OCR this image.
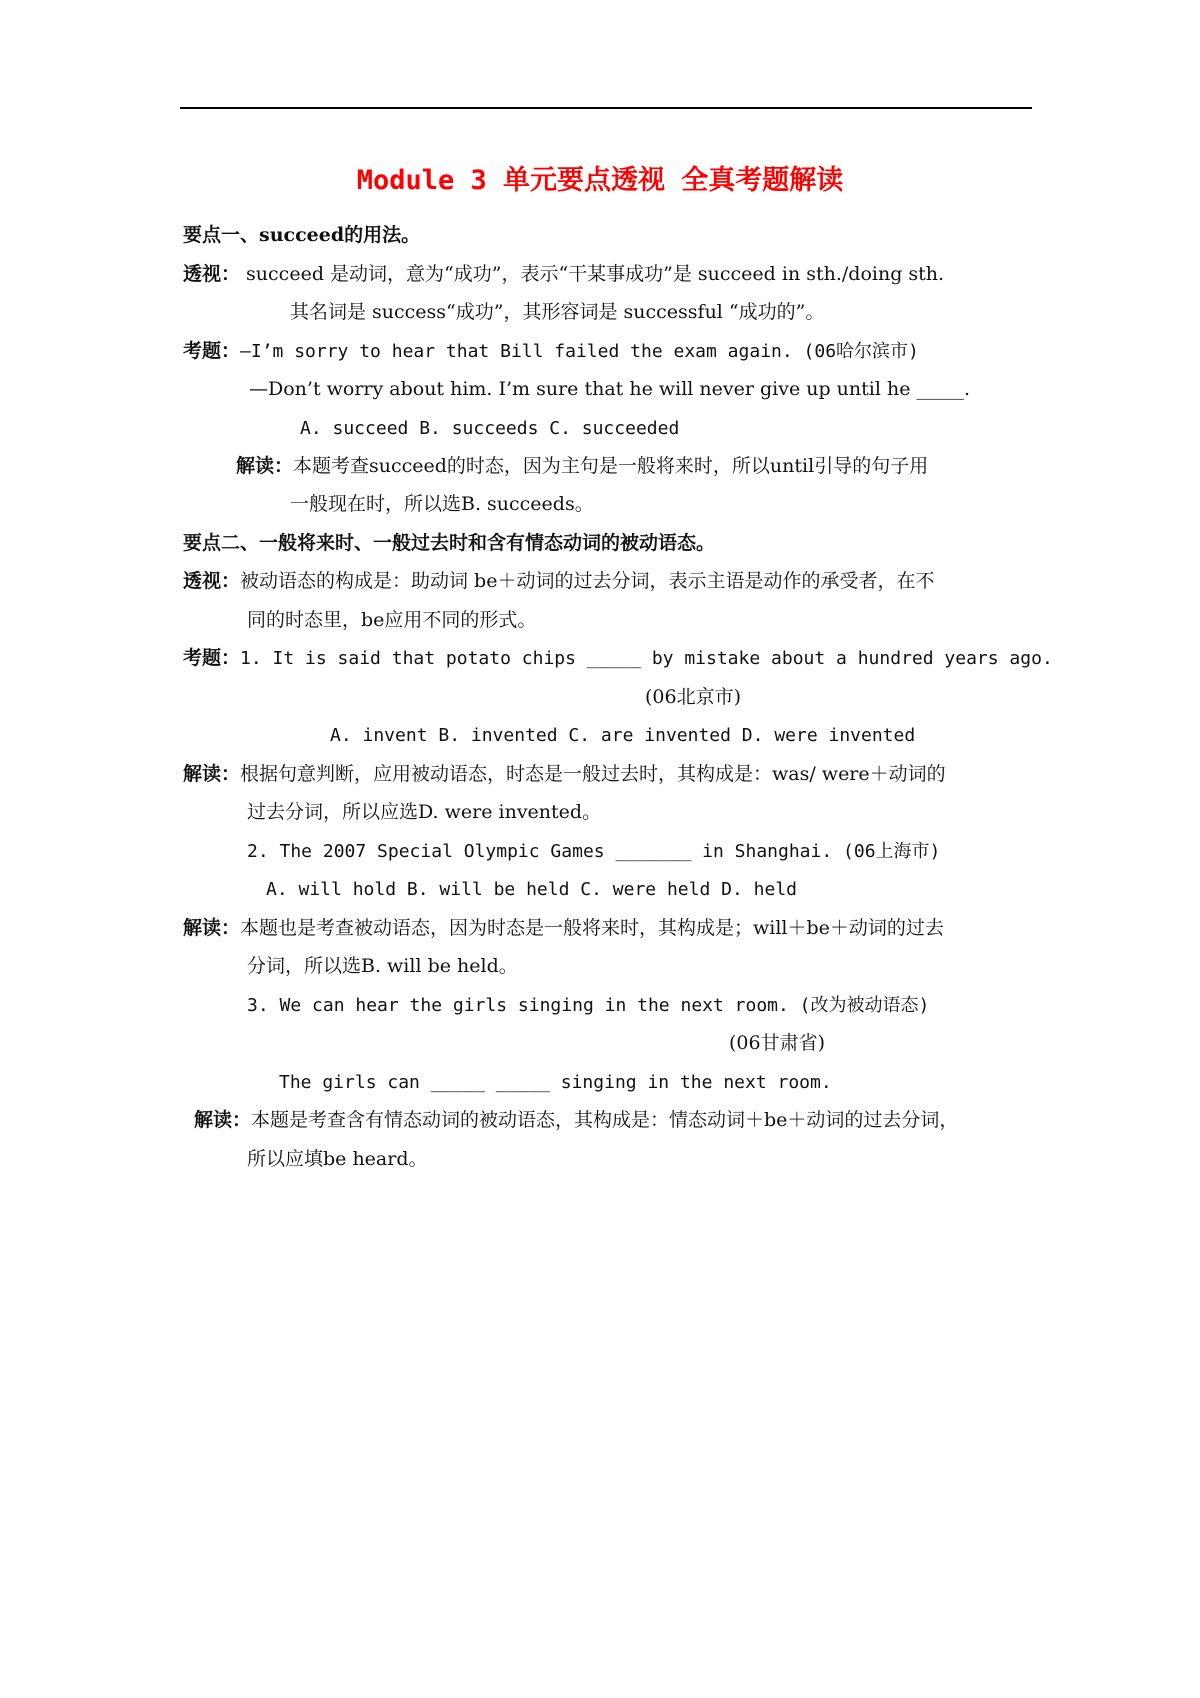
Module 3 单元要点透视 全真考题解读
要点一、succeed的用法。
透视： succeed 是动词，意为“成功”，表示“干某事成功”是 succeed in sth./doing sth.
其名词是 success“成功”，其形容词是 successful “成功的”。
考题：—I’m sorry to hear that Bill failed the exam again. (06哈尔滨市)
—Don’t worry about him. I’m sure that he will never give up until he _____.
A. succeed B. succeeds C. succeeded
解读：本题考查succeed的时态，因为主句是一般将来时，所以until引导的句子用
一般现在时，所以选B. succeeds。
要点二、一般将来时、一般过去时和含有情态动词的被动语态。
透视：被动语态的构成是：助动词 be＋动词的过去分词，表示主语是动作的承受者，在不
同的时态里，be应用不同的形式。
考题：1. It is said that potato chips _____ by mistake about a hundred years ago.
(06北京市)
A. invent B. invented C. are invented D. were invented
解读：根据句意判断，应用被动语态，时态是一般过去时，其构成是：was/ were＋动词的
过去分词，所以应选D. were invented。
2. The 2007 Special Olympic Games _______ in Shanghai. (06上海市)
A. will hold B. will be held C. were held D. held
解读：本题也是考查被动语态，因为时态是一般将来时，其构成是；will＋be＋动词的过去
分词，所以选B. will be held。
3. We can hear the girls singing in the next room. (改为被动语态)
(06甘肃省)
The girls can _____ _____ singing in the next room.
解读：本题是考查含有情态动词的被动语态，其构成是：情态动词＋be＋动词的过去分词，
所以应填be heard。
